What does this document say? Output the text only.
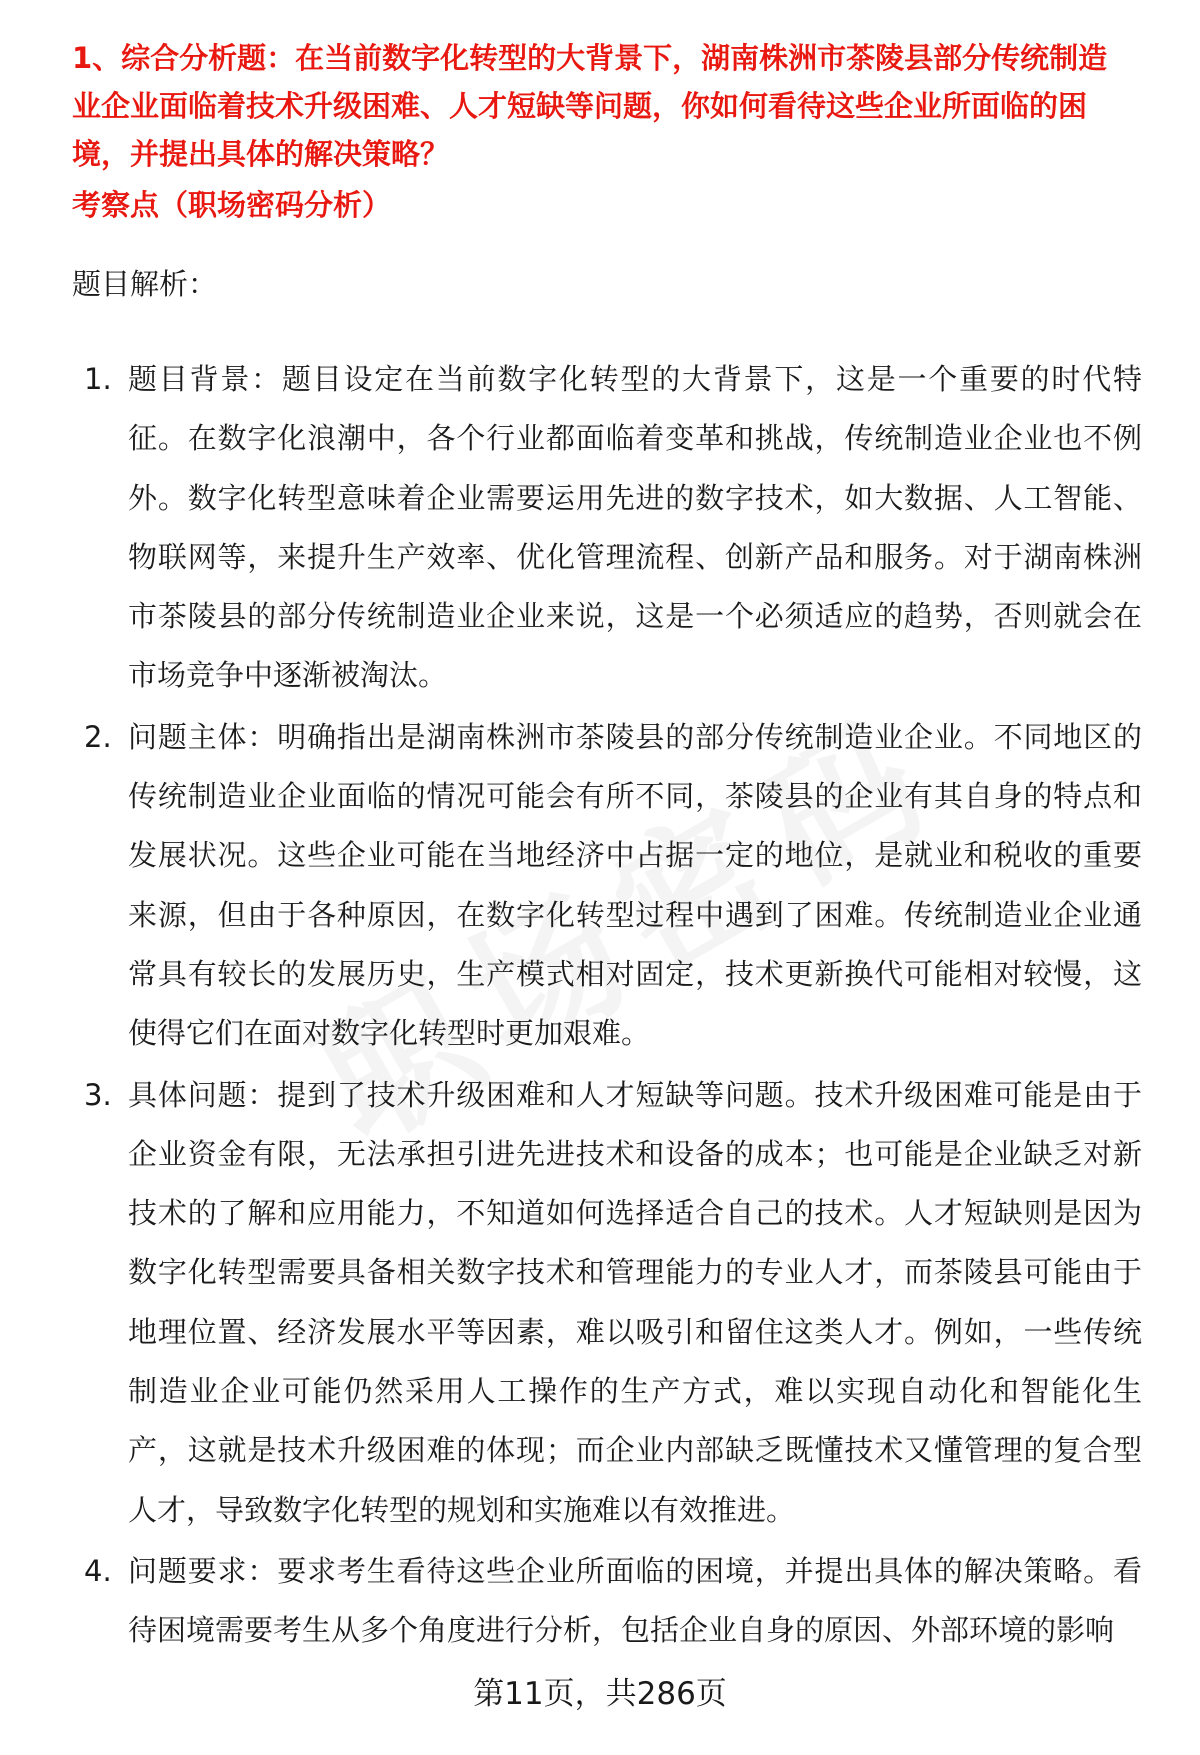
1、综合分析题：在当前数字化转型的大背景下，湖南株洲市茶陵县部分传统制造业企业面临着技术升级困难、人才短缺等问题，你如何看待这些企业所面临的困境，并提出具体的解决策略？

考察点（职场密码分析）

题目解析：

1. 题目背景：题目设定在当前数字化转型的大背景下，这是一个重要的时代特征。在数字化浪潮中，各个行业都面临着变革和挑战，传统制造业企业也不例外。数字化转型意味着企业需要运用先进的数字技术，如大数据、人工智能、物联网等，来提升生产效率、优化管理流程、创新产品和服务。对于湖南株洲市茶陵县的部分传统制造业企业来说，这是一个必须适应的趋势，否则就会在市场竞争中逐渐被淘汰。
2. 问题主体：明确指出是湖南株洲市茶陵县的部分传统制造业企业。不同地区的传统制造业企业面临的情况可能会有所不同，茶陵县的企业有其自身的特点和发展状况。这些企业可能在当地经济中占据一定的地位，是就业和税收的重要来源，但由于各种原因，在数字化转型过程中遇到了困难。传统制造业企业通常具有较长的发展历史，生产模式相对固定，技术更新换代可能相对较慢，这使得它们在面对数字化转型时更加艰难。
3. 具体问题：提到了技术升级困难和人才短缺等问题。技术升级困难可能是由于企业资金有限，无法承担引进先进技术和设备的成本；也可能是企业缺乏对新技术的了解和应用能力，不知道如何选择适合自己的技术。人才短缺则是因为数字化转型需要具备相关数字技术和管理能力的专业人才，而茶陵县可能由于地理位置、经济发展水平等因素，难以吸引和留住这类人才。例如，一些传统制造业企业可能仍然采用人工操作的生产方式，难以实现自动化和智能化生产，这就是技术升级困难的体现；而企业内部缺乏既懂技术又懂管理的复合型人才，导致数字化转型的规划和实施难以有效推进。
4. 问题要求：要求考生看待这些企业所面临的困境，并提出具体的解决策略。看待困境需要考生从多个角度进行分析，包括企业自身的原因、外部环境的影响
第11页，共286页
